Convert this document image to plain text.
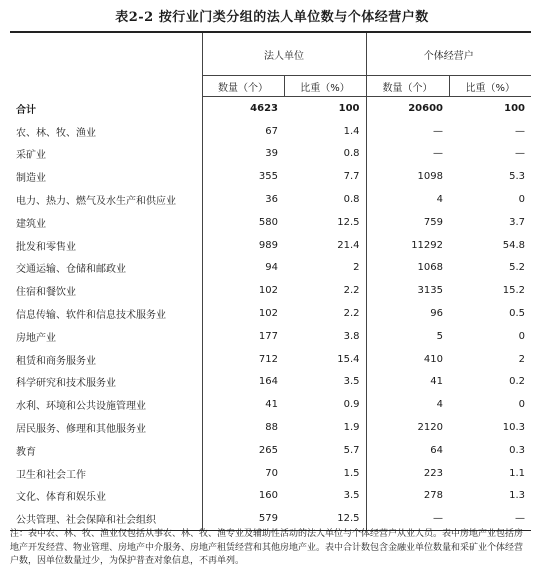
表2-2 按行业门类分组的法人单位数与个体经营户数
	法人单位		个体经营户	
	数量（个）	比重（%）	数量（个）	比重（%）
合计	4623	100	20600	100
农、林、牧、渔业	67	1.4	—	—
采矿业	39	0.8	—	—
制造业	355	7.7	1098	5.3
电力、热力、燃气及水生产和供应业	36	0.8	4	0
建筑业	580	12.5	759	3.7
批发和零售业	989	21.4	11292	54.8
交通运输、仓储和邮政业	94	2	1068	5.2
住宿和餐饮业	102	2.2	3135	15.2
信息传输、软件和信息技术服务业	102	2.2	96	0.5
房地产业	177	3.8	5	0
租赁和商务服务业	712	15.4	410	2
科学研究和技术服务业	164	3.5	41	0.2
水利、环境和公共设施管理业	41	0.9	4	0
居民服务、修理和其他服务业	88	1.9	2120	10.3
教育	265	5.7	64	0.3
卫生和社会工作	70	1.5	223	1.1
文化、体育和娱乐业	160	3.5	278	1.3
公共管理、社会保障和社会组织	579	12.5	—	—
注：表中农、林、牧、渔业仅包括从事农、林、牧、渔专业及辅助性活动的法人单位与个体经营户从业人员。表中房地产业包括房地产开发经营、物业管理、房地产中介服务、房地产租赁经营和其他房地产业。表中合计数包含金融业单位数量和采矿业个体经营户数，因单位数量过少，为保护普查对象信息，不再单列。
